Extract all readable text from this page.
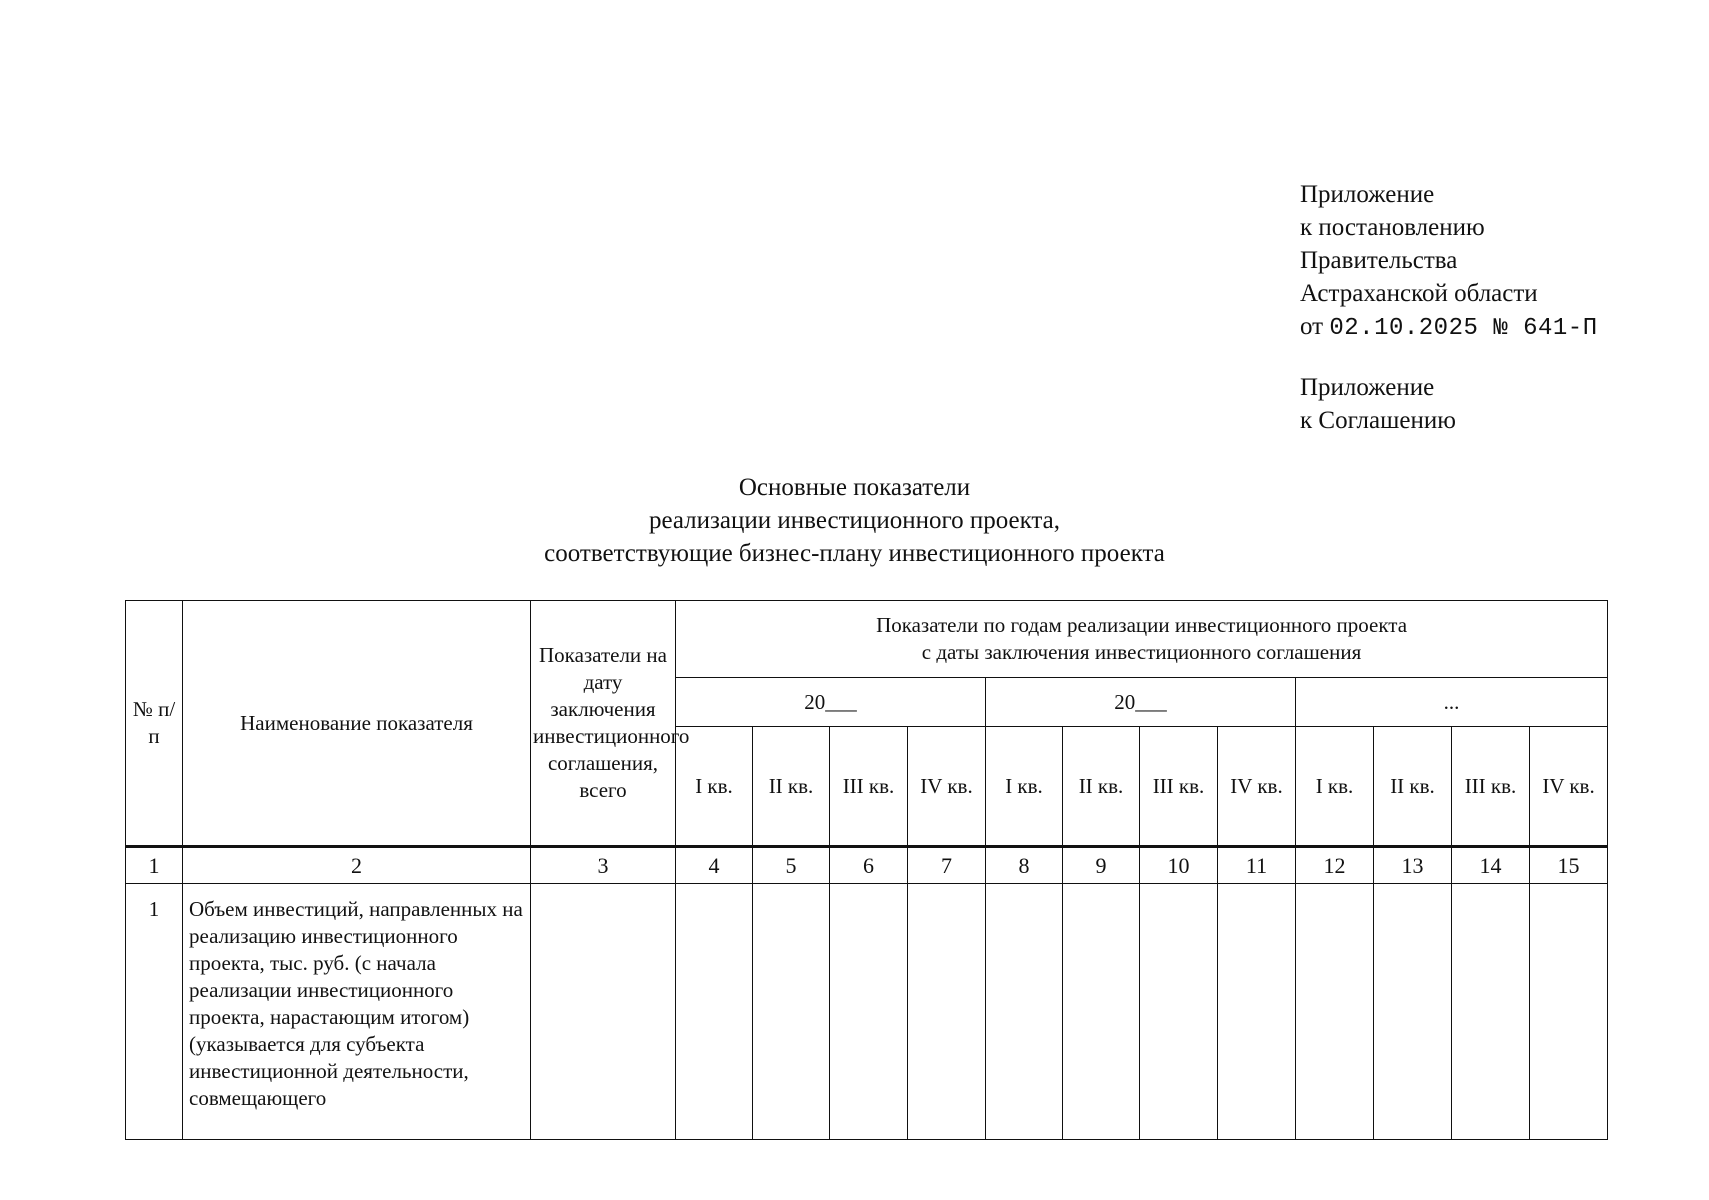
Приложение
к постановлению
Правительства
Астраханской области
от 02.10.2025 № 641-П
Приложение
к Соглашению
Основные показатели
реализации инвестиционного проекта,
соответствующие бизнес-плану инвестиционного проекта
№ п/п	Наименование показателя	Показатели на дату заключения инвестиционного соглашения, всего	Показатели по годам реализации инвестиционного проекта
с даты заключения инвестиционного соглашения											

			20___				20___				...			
			I кв.	II кв.	III кв.	IV кв.	I кв.	II кв.	III кв.	IV кв.	I кв.	II кв.	III кв.	IV кв.
1	2	3	4	5	6	7	8	9	10	11	12	13	14	15
1	Объем инвестиций, направленных на реализацию инвестиционного проекта, тыс. руб. (с начала реализации инвестиционного проекта, нарастающим итогом) (указывается для субъекта инвестиционной деятельности, совмещающего													
